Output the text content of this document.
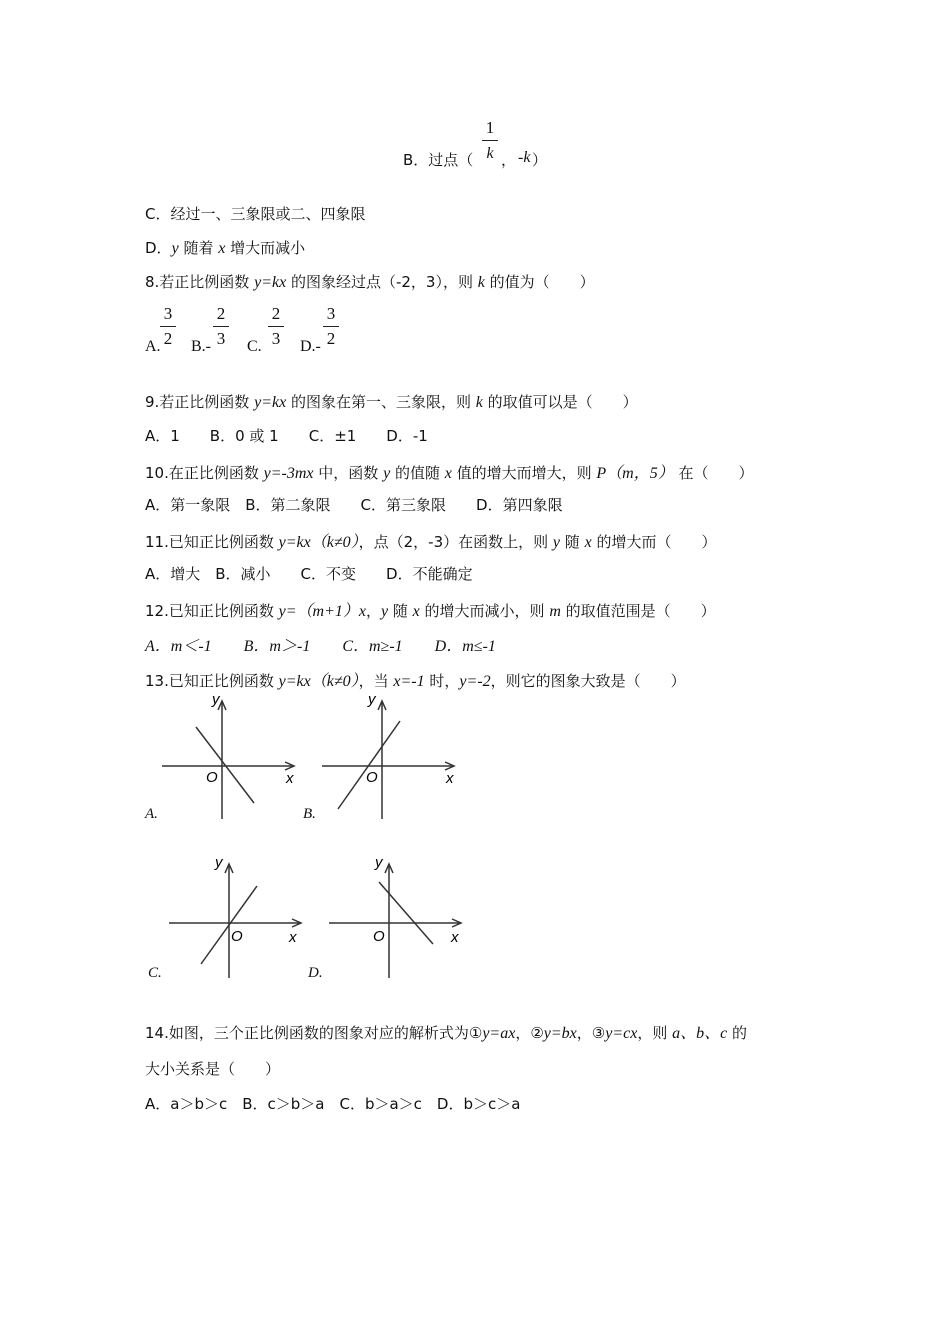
B．过点（
1
k ， -k ）
C．经过一、三象限或二、四象限
D．y 随着 x 增大而减小
8.若正比例函数 y=kx 的图象经过点（-2，3），则 k 的值为（　　）
A.
3
2 B.-
2
3 C.
2
3 D.-
3
2
9.若正比例函数 y=kx 的图象在第一、三象限，则 k 的取值可以是（　　）
A．1　　B．0 或 1　　C．±1　　D．-1
10.在正比例函数 y=-3mx 中，函数 y 的值随 x 值的增大而增大，则 P（m，5） 在（　　）
A．第一象限　B．第二象限　　C．第三象限　　D．第四象限
11.已知正比例函数 y=kx（k≠0），点（2，-3）在函数上，则 y 随 x 的增大而（　　）
A．增大　B．减小　　C．不变　　D．不能确定
12.已知正比例函数 y=（m+1）x，y 随 x 的增大而减小，则 m 的取值范围是（　　）
A．m＜-1　　B．m＞-1　　C．m≥-1　　D．m≤-1
13.已知正比例函数 y=kx（k≠0），当 x=-1 时，y=-2，则它的图象大致是（　　）
y
x
O
A.
y
x
O
B.
y
x
O
C.
y
x
O
D.
14.如图，三个正比例函数的图象对应的解析式为①y=ax，②y=bx，③y=cx，则 a、b、c 的
大小关系是（　　）
A．a＞b＞c　B．c＞b＞a　C．b＞a＞c　D．b＞c＞a
